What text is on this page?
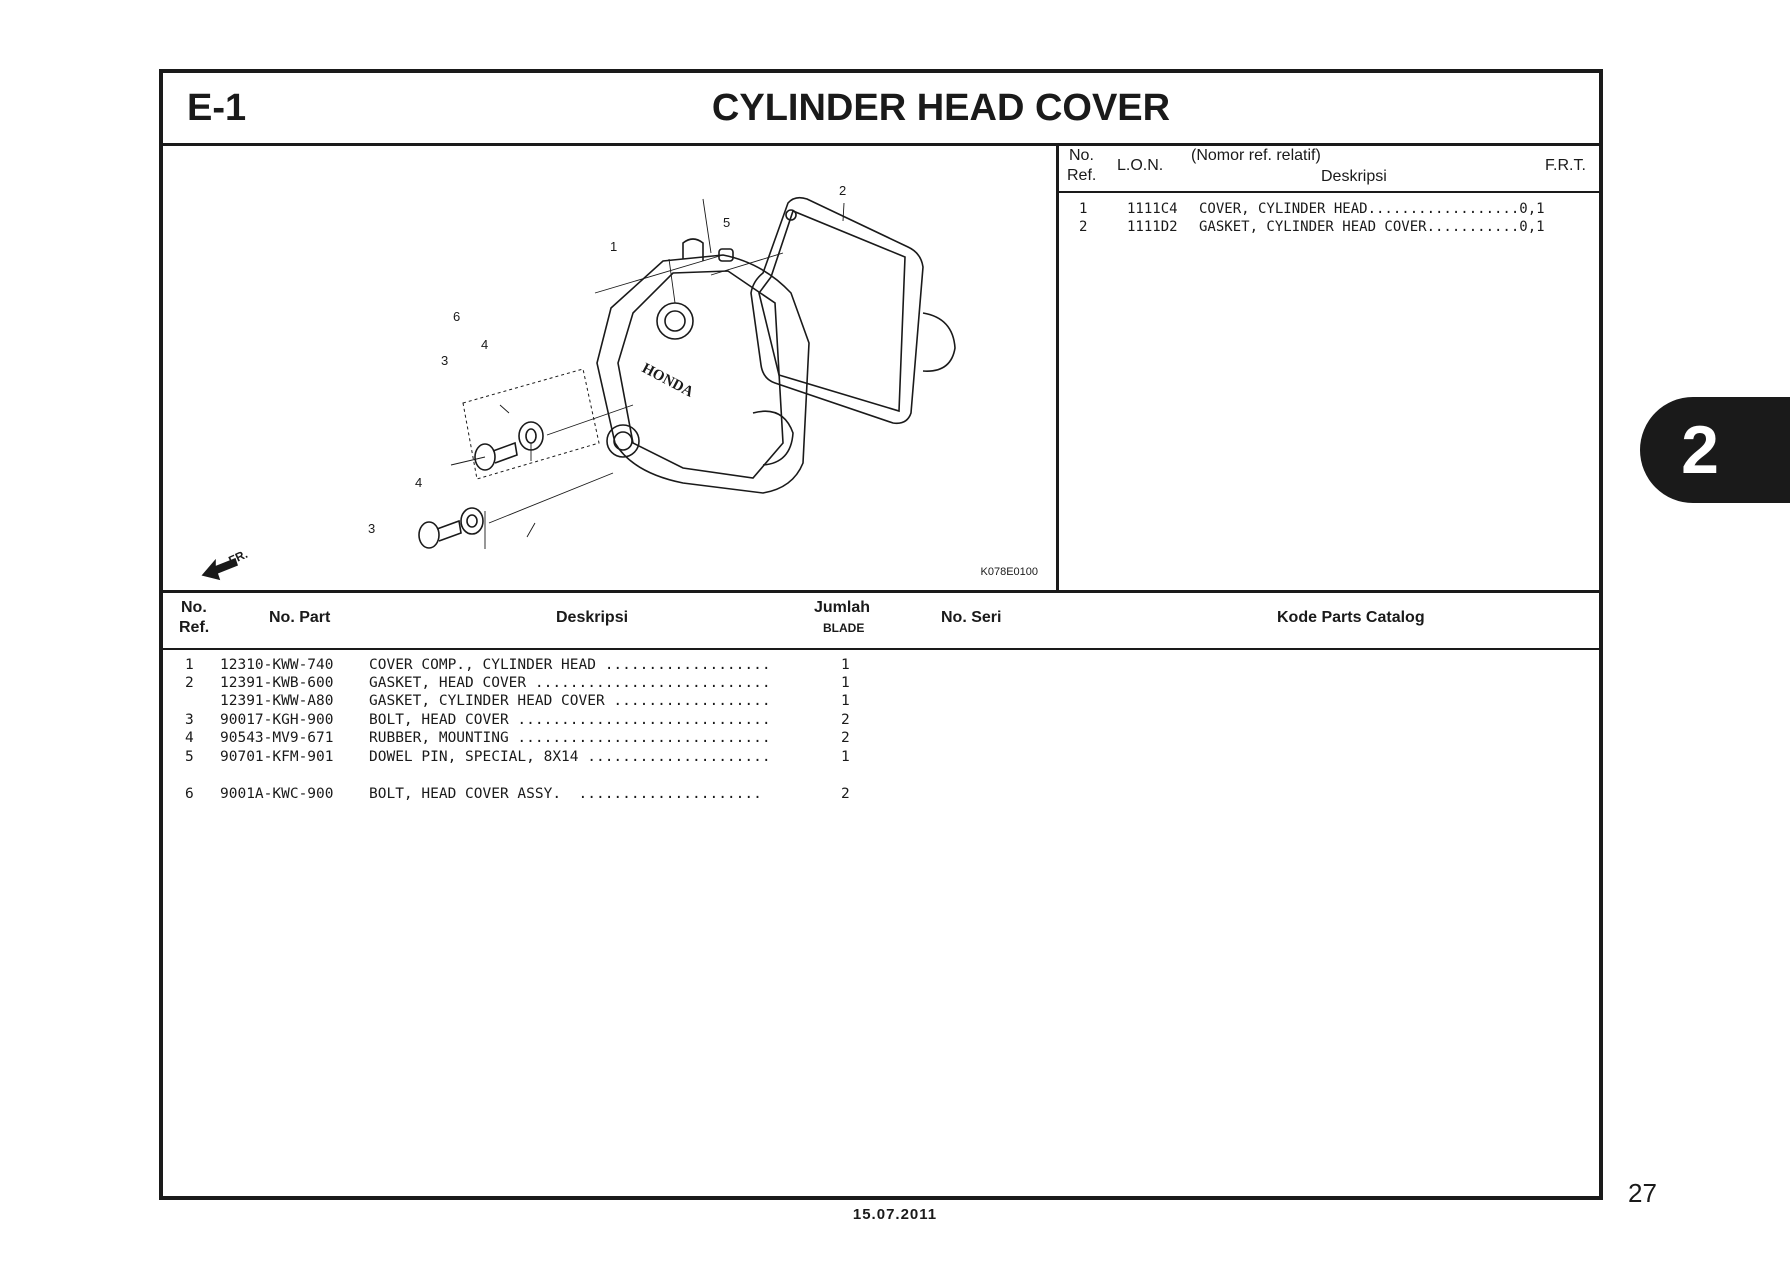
E-1	CYLINDER HEAD COVER
2
5
1
6
4
3
4
3
FR.
HONDA
K078E0100
No.
Ref.
L.O.N.
(Nomor ref. relatif)
Deskripsi
F.R.T.
1	1111C4 COVER, CYLINDER HEAD..................0,1
2	1111D2 GASKET, CYLINDER HEAD COVER...........0,1
No.
Ref.
No. Part	Deskripsi
Jumlah
BLADE
No. Seri	Kode Parts Catalog
1 12310-KWW-740 COVER COMP., CYLINDER HEAD ...................	1
2 12391-KWB-600 GASKET, HEAD COVER ...........................	1
12391-KWW-A80 GASKET, CYLINDER HEAD COVER ..................	1
3 90017-KGH-900 BOLT, HEAD COVER .............................	2
4 90543-MV9-671 RUBBER, MOUNTING .............................	2
5 90701-KFM-901 DOWEL PIN, SPECIAL, 8X14 .....................	1
6 9001A-KWC-900 BOLT, HEAD COVER ASSY.  .....................	2
15.07.2011
27
2
